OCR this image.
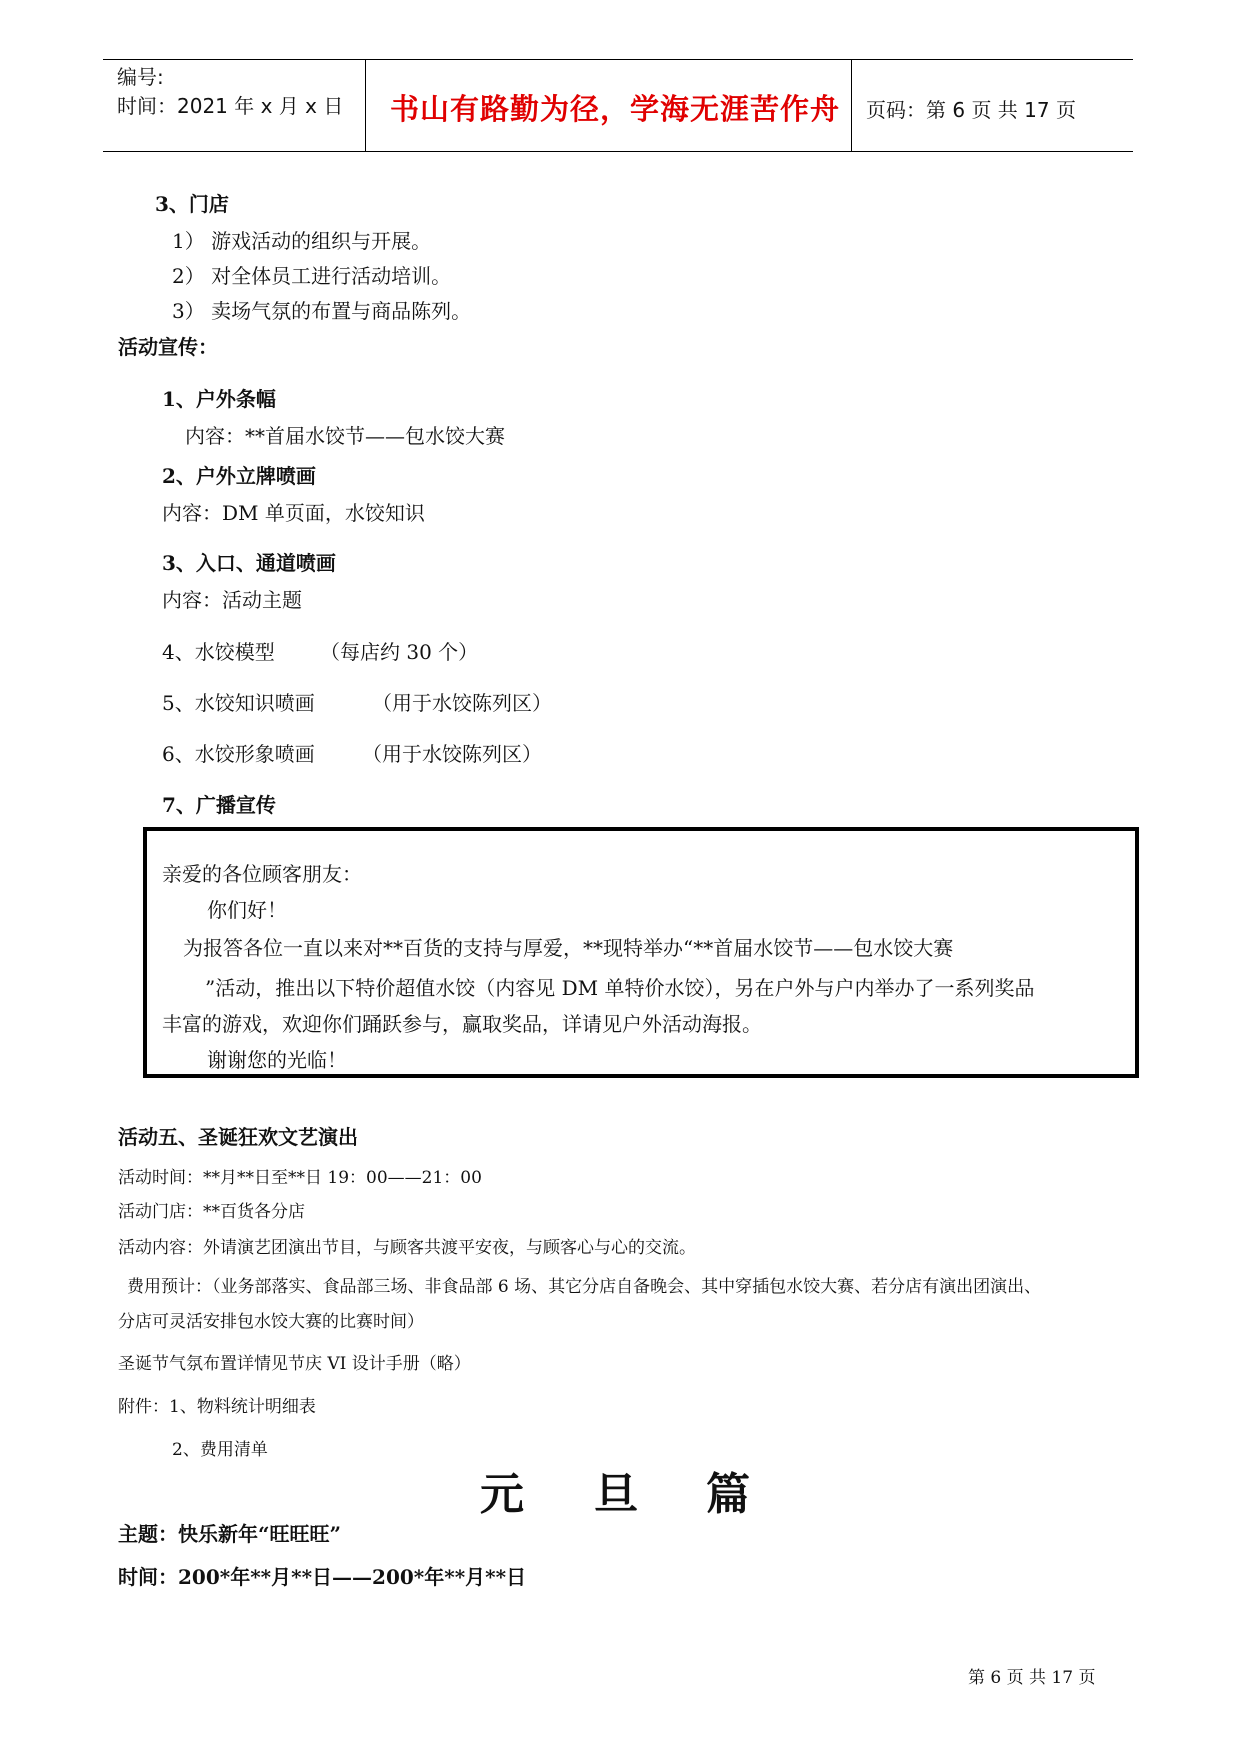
编号:
时间：2021 年 x 月 x 日 书山有路勤为径，学海无涯苦作舟 页码：第 6 页 共 17 页
3、门店
1） 游戏活动的组织与开展。
2） 对全体员工进行活动培训。
3） 卖场气氛的布置与商品陈列。
活动宣传：
1、户外条幅
内容：**首届水饺节——包水饺大赛
2、户外立牌喷画
内容：DM 单页面，水饺知识
3、入口、通道喷画
内容：活动主题
4、水饺模型 （每店约 30 个）
5、水饺知识喷画	（用于水饺陈列区）
6、水饺形象喷画 （用于水饺陈列区）
7、广播宣传
亲爱的各位顾客朋友：
你们好！
为报答各位一直以来对**百货的支持与厚爱，**现特举办“**首届水饺节——包水饺大赛
”活动，推出以下特价超值水饺（内容见 DM 单特价水饺），另在户外与户内举办了一系列奖品
丰富的游戏，欢迎你们踊跃参与，赢取奖品，详请见户外活动海报。
谢谢您的光临！
活动五、圣诞狂欢文艺演出
活动时间：**月**日至**日 19：00——21：00
活动门店：**百货各分店
活动内容：外请演艺团演出节目，与顾客共渡平安夜，与顾客心与心的交流。
费用预计：（业务部落实、食品部三场、非食品部 6 场、其它分店自备晚会、其中穿插包水饺大赛、若分店有演出团演出、
分店可灵活安排包水饺大赛的比赛时间）
圣诞节气氛布置详情见节庆 VI 设计手册（略）
附件：1、物料统计明细表
2、费用清单
元 旦 篇
主题：快乐新年“旺旺旺”
时间：200*年**月**日——200*年**月**日
第 6 页 共 17 页
